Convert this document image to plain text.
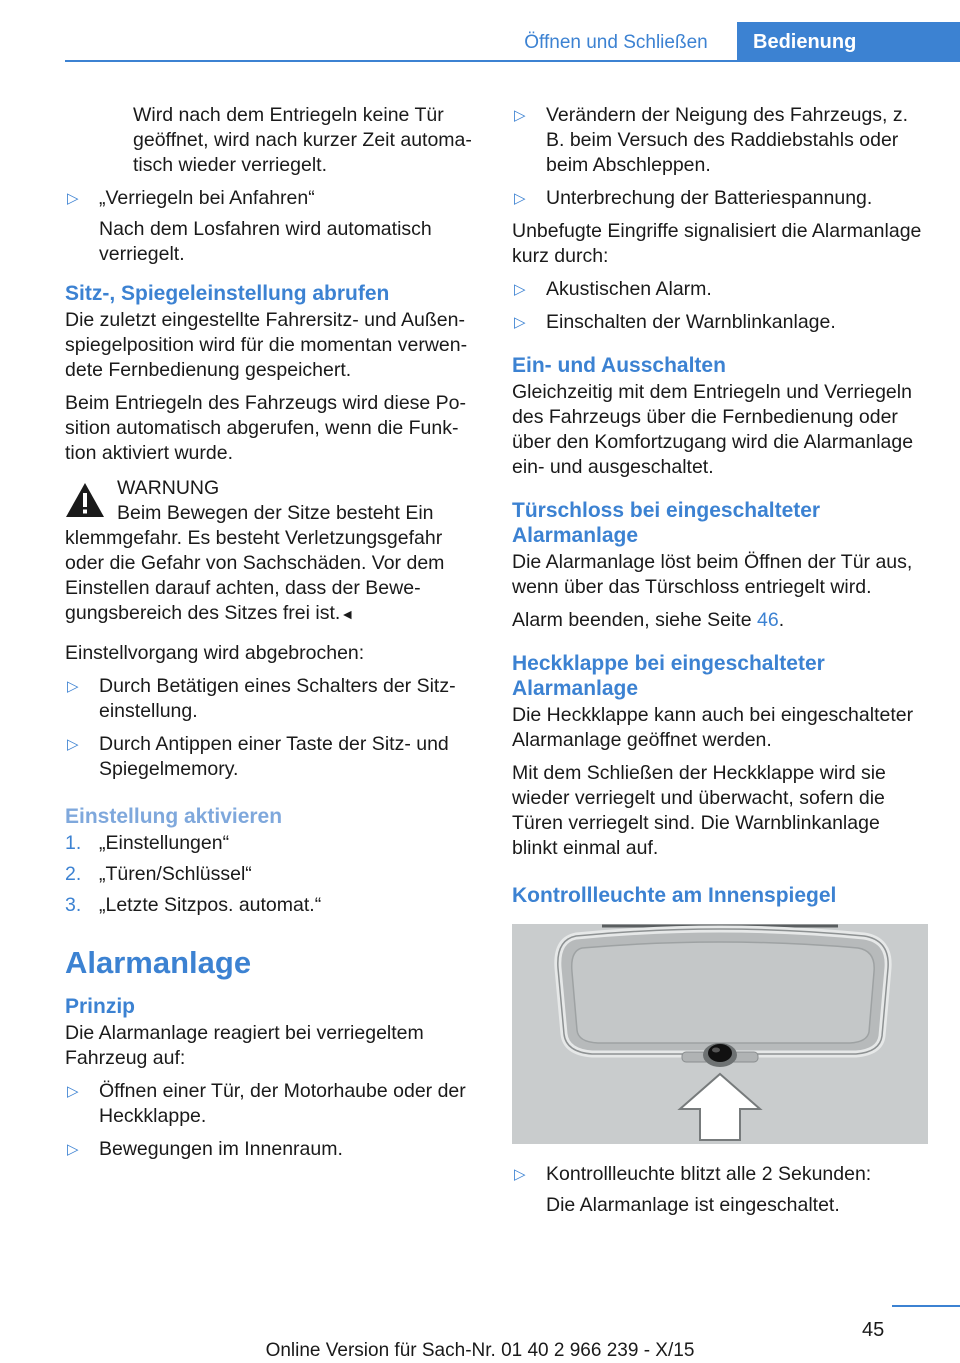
Öffnen und Schließen	Bedienung

Wird nach dem Entriegeln keine Tür geöffnet, wird nach kurzer Zeit automatisch wieder verriegelt.

▷ „Verriegeln bei Anfahren“
Nach dem Losfahren wird automatisch verriegelt.
Sitz-, Spiegeleinstellung abrufen

Die zuletzt eingestellte Fahrersitz- und Außenspiegelposition wird für die momentan verwendete Fernbedienung gespeichert.

Beim Entriegeln des Fahrzeugs wird diese Position automatisch abgerufen, wenn die Funktion aktiviert wurde.

WARNUNG
Beim Bewegen der Sitze besteht Ein
klemmgefahr. Es besteht Verletzungsgefahr oder die Gefahr von Sachschäden. Vor dem Einstellen darauf achten, dass der Bewegungsbereich des Sitzes frei ist.◄

Einstellvorgang wird abgebrochen:

▷ Durch Betätigen eines Schalters der Sitzeinstellung.
▷ Durch Antippen einer Taste der Sitz- und Spiegelmemory.
Einstellung aktivieren
1. „Einstellungen“
2. „Türen/Schlüssel“
3. „Letzte Sitzpos. automat.“
Alarmanlage
Prinzip

Die Alarmanlage reagiert bei verriegeltem Fahrzeug auf:

▷ Öffnen einer Tür, der Motorhaube oder der Heckklappe.
▷ Bewegungen im Innenraum.
▷ Verändern der Neigung des Fahrzeugs, z. B. beim Versuch des Raddiebstahls oder beim Abschleppen.
▷ Unterbrechung der Batteriespannung.

Unbefugte Eingriffe signalisiert die Alarmanlage kurz durch:

▷ Akustischen Alarm.
▷ Einschalten der Warnblinkanlage.
Ein- und Ausschalten

Gleichzeitig mit dem Entriegeln und Verriegeln des Fahrzeugs über die Fernbedienung oder über den Komfortzugang wird die Alarmanlage ein- und ausgeschaltet.

Türschloss bei eingeschalteter Alarmanlage

Die Alarmanlage löst beim Öffnen der Tür aus, wenn über das Türschloss entriegelt wird.

Alarm beenden, siehe Seite 46.

Heckklappe bei eingeschalteter Alarmanlage

Die Heckklappe kann auch bei eingeschalteter Alarmanlage geöffnet werden.

Mit dem Schließen der Heckklappe wird sie wieder verriegelt und überwacht, sofern die Türen verriegelt sind. Die Warnblinkanlage blinkt einmal auf.

Kontrollleuchte am Innenspiegel
▷ Kontrollleuchte blitzt alle 2 Sekunden:
Die Alarmanlage ist eingeschaltet.
45
Online Version für Sach-Nr. 01 40 2 966 239 - X/15
